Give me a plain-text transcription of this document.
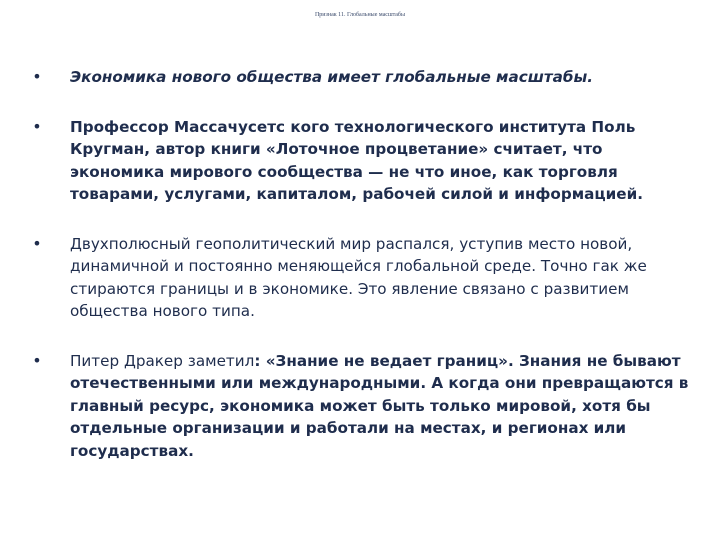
Признак 11. Глобальные масштабы
• Экономика нового общества имеет глобальные масштабы.
• Профессор Массачусетс кого технологического института Поль Кругман, автор книги «Лоточное процветание» считает, что экономика мирового сообщества — не что иное, как торговля товарами, услугами, капиталом, рабочей силой и информацией.
• Двухполюсный геополитический мир распался, уступив место новой, динамичной и постоянно меняющейся глобальной среде. Точно гак же стираются границы и в экономике. Это явление связано с развитием общества нового типа.
• Питер Дракер заметил: «Знание не ведает границ». Знания не бывают отечественными или международными. А когда они превращаются в главный ресурс, экономика может быть только мировой, хотя бы отдельные организации и работали на местах, и регионах или государствах.
